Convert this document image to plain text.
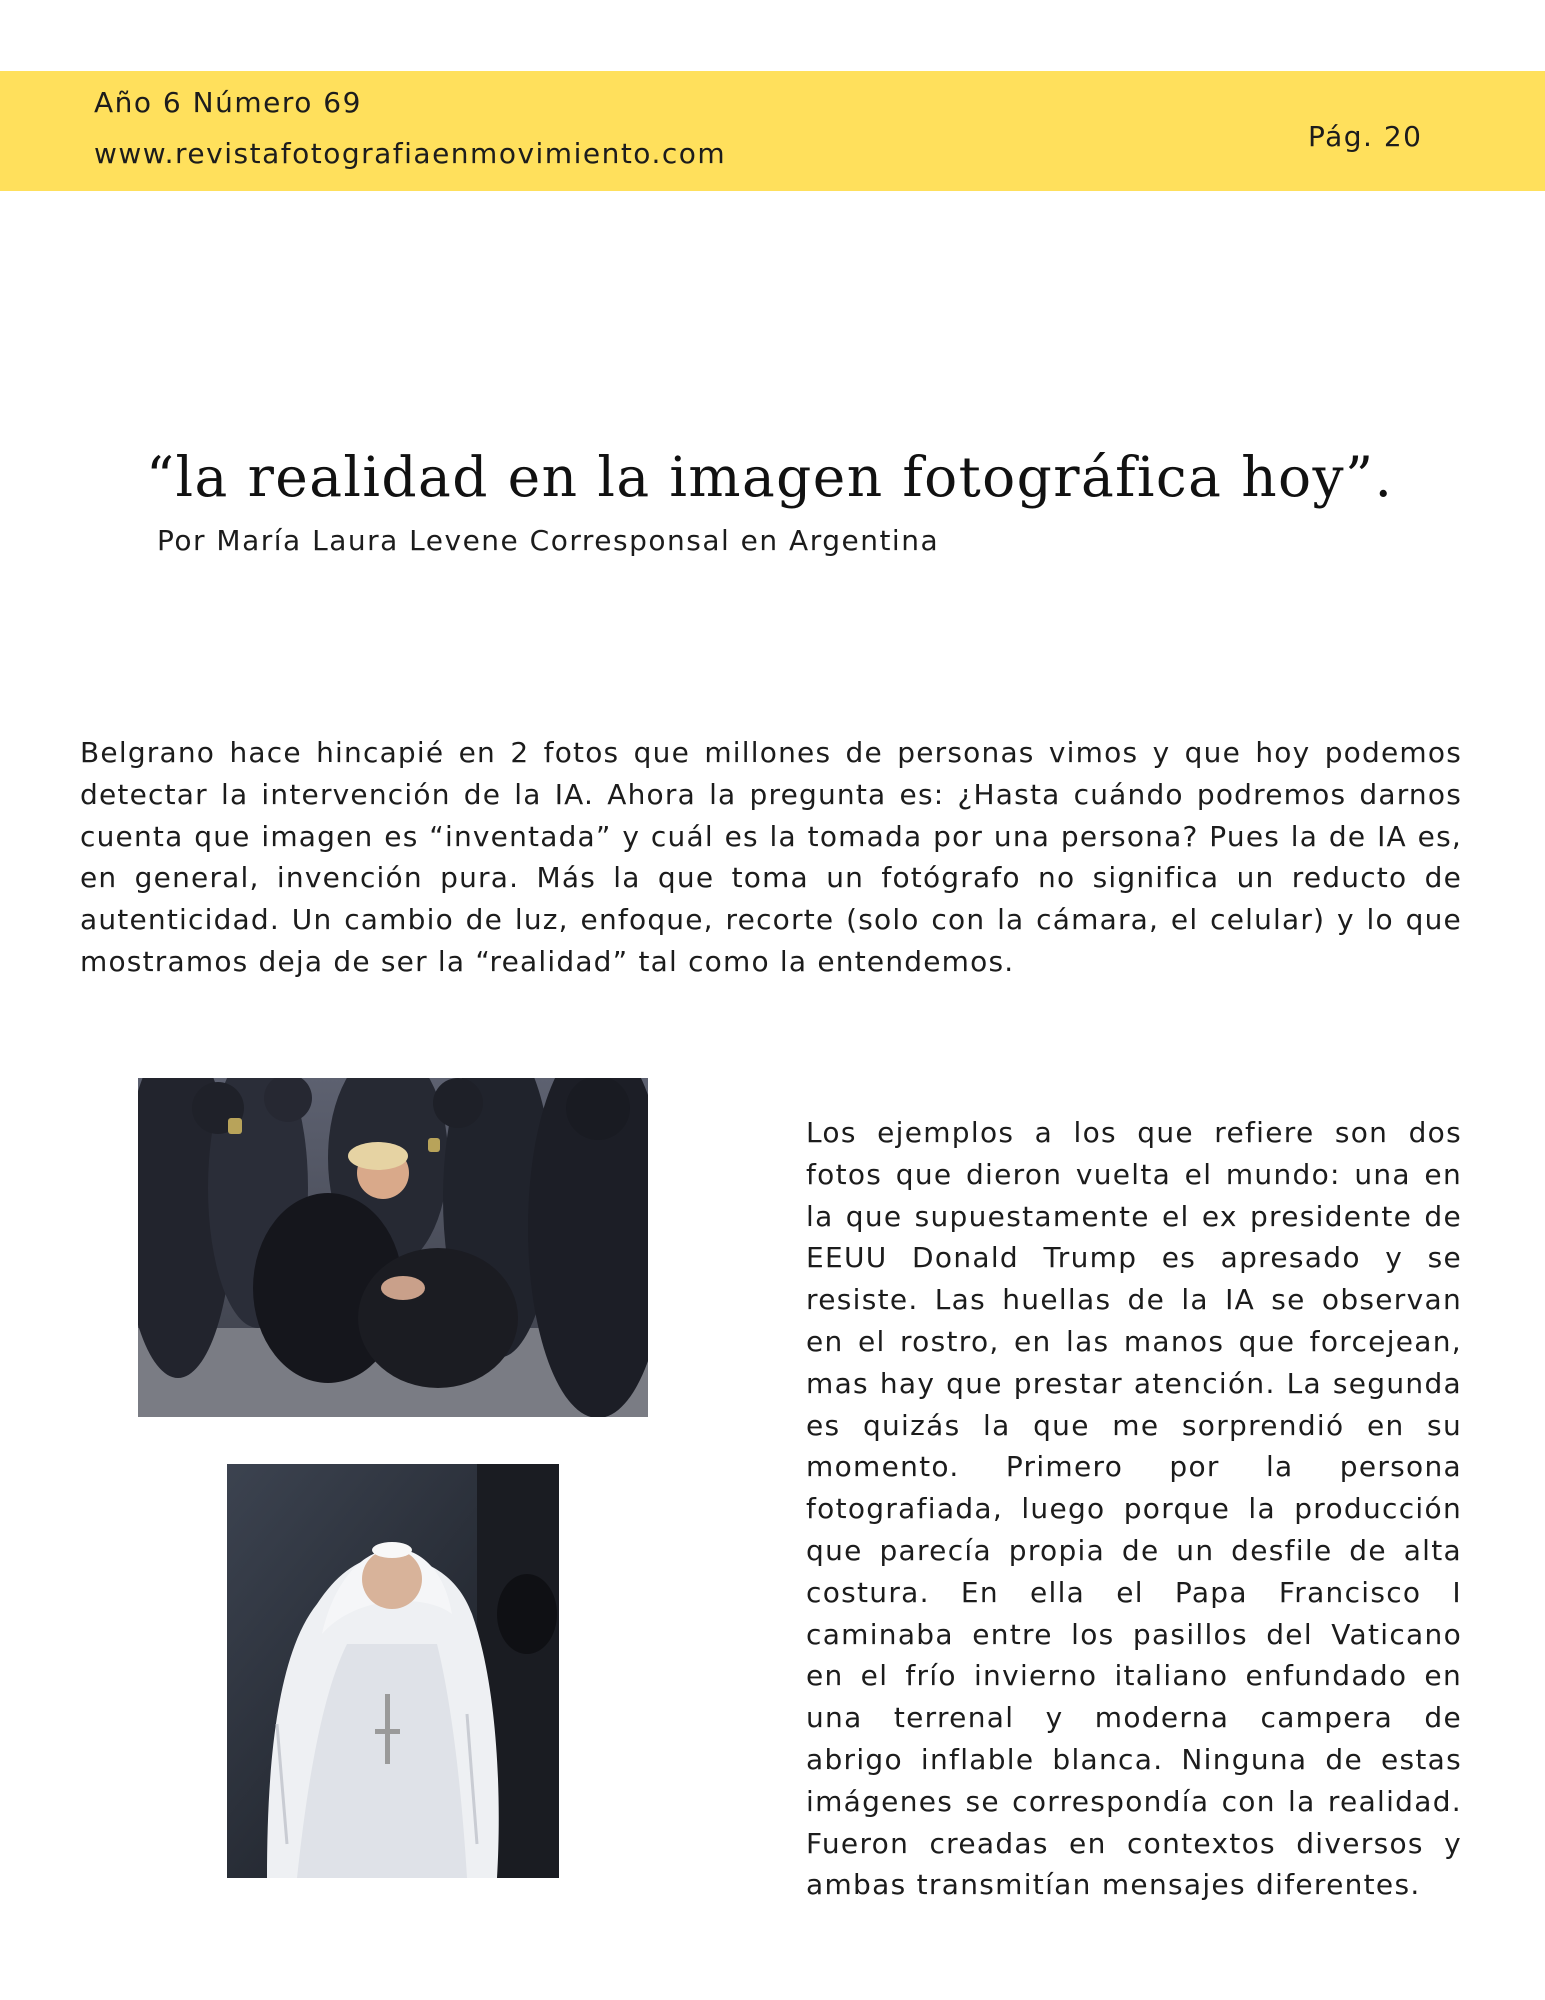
Año 6 Número 69
www.revistafotografiaenmovimiento.com
Pág. 20
“la realidad en la imagen fotográfica hoy”.
Por María Laura Levene Corresponsal en Argentina

Belgrano hace hincapié en 2 fotos que millones de personas vimos y que hoy podemos detectar la intervención de la IA. Ahora la pregunta es: ¿Hasta cuándo podremos darnos cuenta que imagen es “inventada” y cuál es la tomada por una persona? Pues la de IA es, en general, invención pura. Más la que toma un fotógrafo no significa un reducto de autenticidad. Un cambio de luz, enfoque, recorte (solo con la cámara, el celular) y lo que mostramos deja de ser la “realidad” tal como la entendemos.

Los ejemplos a los que refiere son dos fotos que dieron vuelta el mundo: una en la que supuestamente el ex presidente de EEUU Donald Trump es apresado y se resiste. Las huellas de la IA se observan en el rostro, en las manos que forcejean, mas hay que prestar atención. La segunda es quizás la que me sorprendió en su momento. Primero por la persona fotografiada, luego porque la producción que parecía propia de un desfile de alta costura. En ella el Papa Francisco I caminaba entre los pasillos del Vaticano en el frío invierno italiano enfundado en una terrenal y moderna campera de abrigo inflable blanca. Ninguna de estas imágenes se correspondía con la realidad. Fueron creadas en contextos diversos y ambas transmitían mensajes diferentes.
